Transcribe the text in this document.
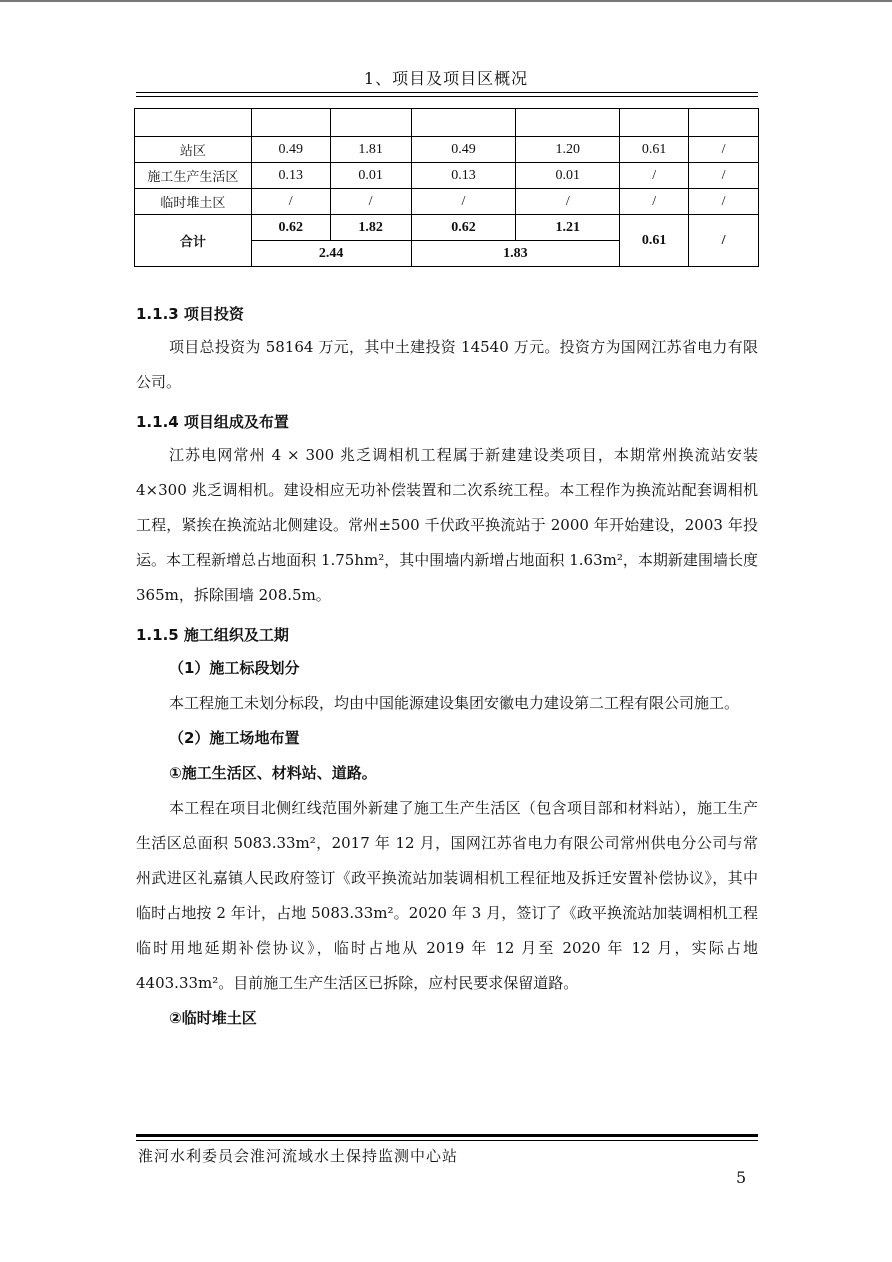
1、项目及项目区概况

站区	0.49	1.81	0.49	1.20	0.61	/
施工生产生活区	0.13	0.01	0.13	0.01	/	/
临时堆土区	/	/	/	/	/	/
合计	0.62	1.82	0.62	1.21	0.61	/
	2.44		1.83			
1.1.3 项目投资

项目总投资为 58164 万元，其中土建投资 14540 万元。投资方为国网江苏省电力有限公司。

1.1.4 项目组成及布置

江苏电网常州 4 × 300 兆乏调相机工程属于新建建设类项目，本期常州换流站安装 4×300 兆乏调相机。建设相应无功补偿装置和二次系统工程。本工程作为换流站配套调相机工程，紧挨在换流站北侧建设。常州±500 千伏政平换流站于 2000 年开始建设，2003 年投运。本工程新增总占地面积 1.75hm²，其中围墙内新增占地面积 1.63m²，本期新建围墙长度 365m，拆除围墙 208.5m。

1.1.5 施工组织及工期
（1）施工标段划分

本工程施工未划分标段，均由中国能源建设集团安徽电力建设第二工程有限公司施工。

（2）施工场地布置
①施工生活区、材料站、道路。

本工程在项目北侧红线范围外新建了施工生产生活区（包含项目部和材料站），施工生产生活区总面积 5083.33m²，2017 年 12 月，国网江苏省电力有限公司常州供电分公司与常州武进区礼嘉镇人民政府签订《政平换流站加装调相机工程征地及拆迁安置补偿协议》，其中临时占地按 2 年计，占地 5083.33m²。2020 年 3 月，签订了《政平换流站加装调相机工程临时用地延期补偿协议》，临时占地从 2019 年 12 月至 2020 年 12 月，实际占地 4403.33m²。目前施工生产生活区已拆除，应村民要求保留道路。

②临时堆土区
淮河水利委员会淮河流域水土保持监测中心站
5
